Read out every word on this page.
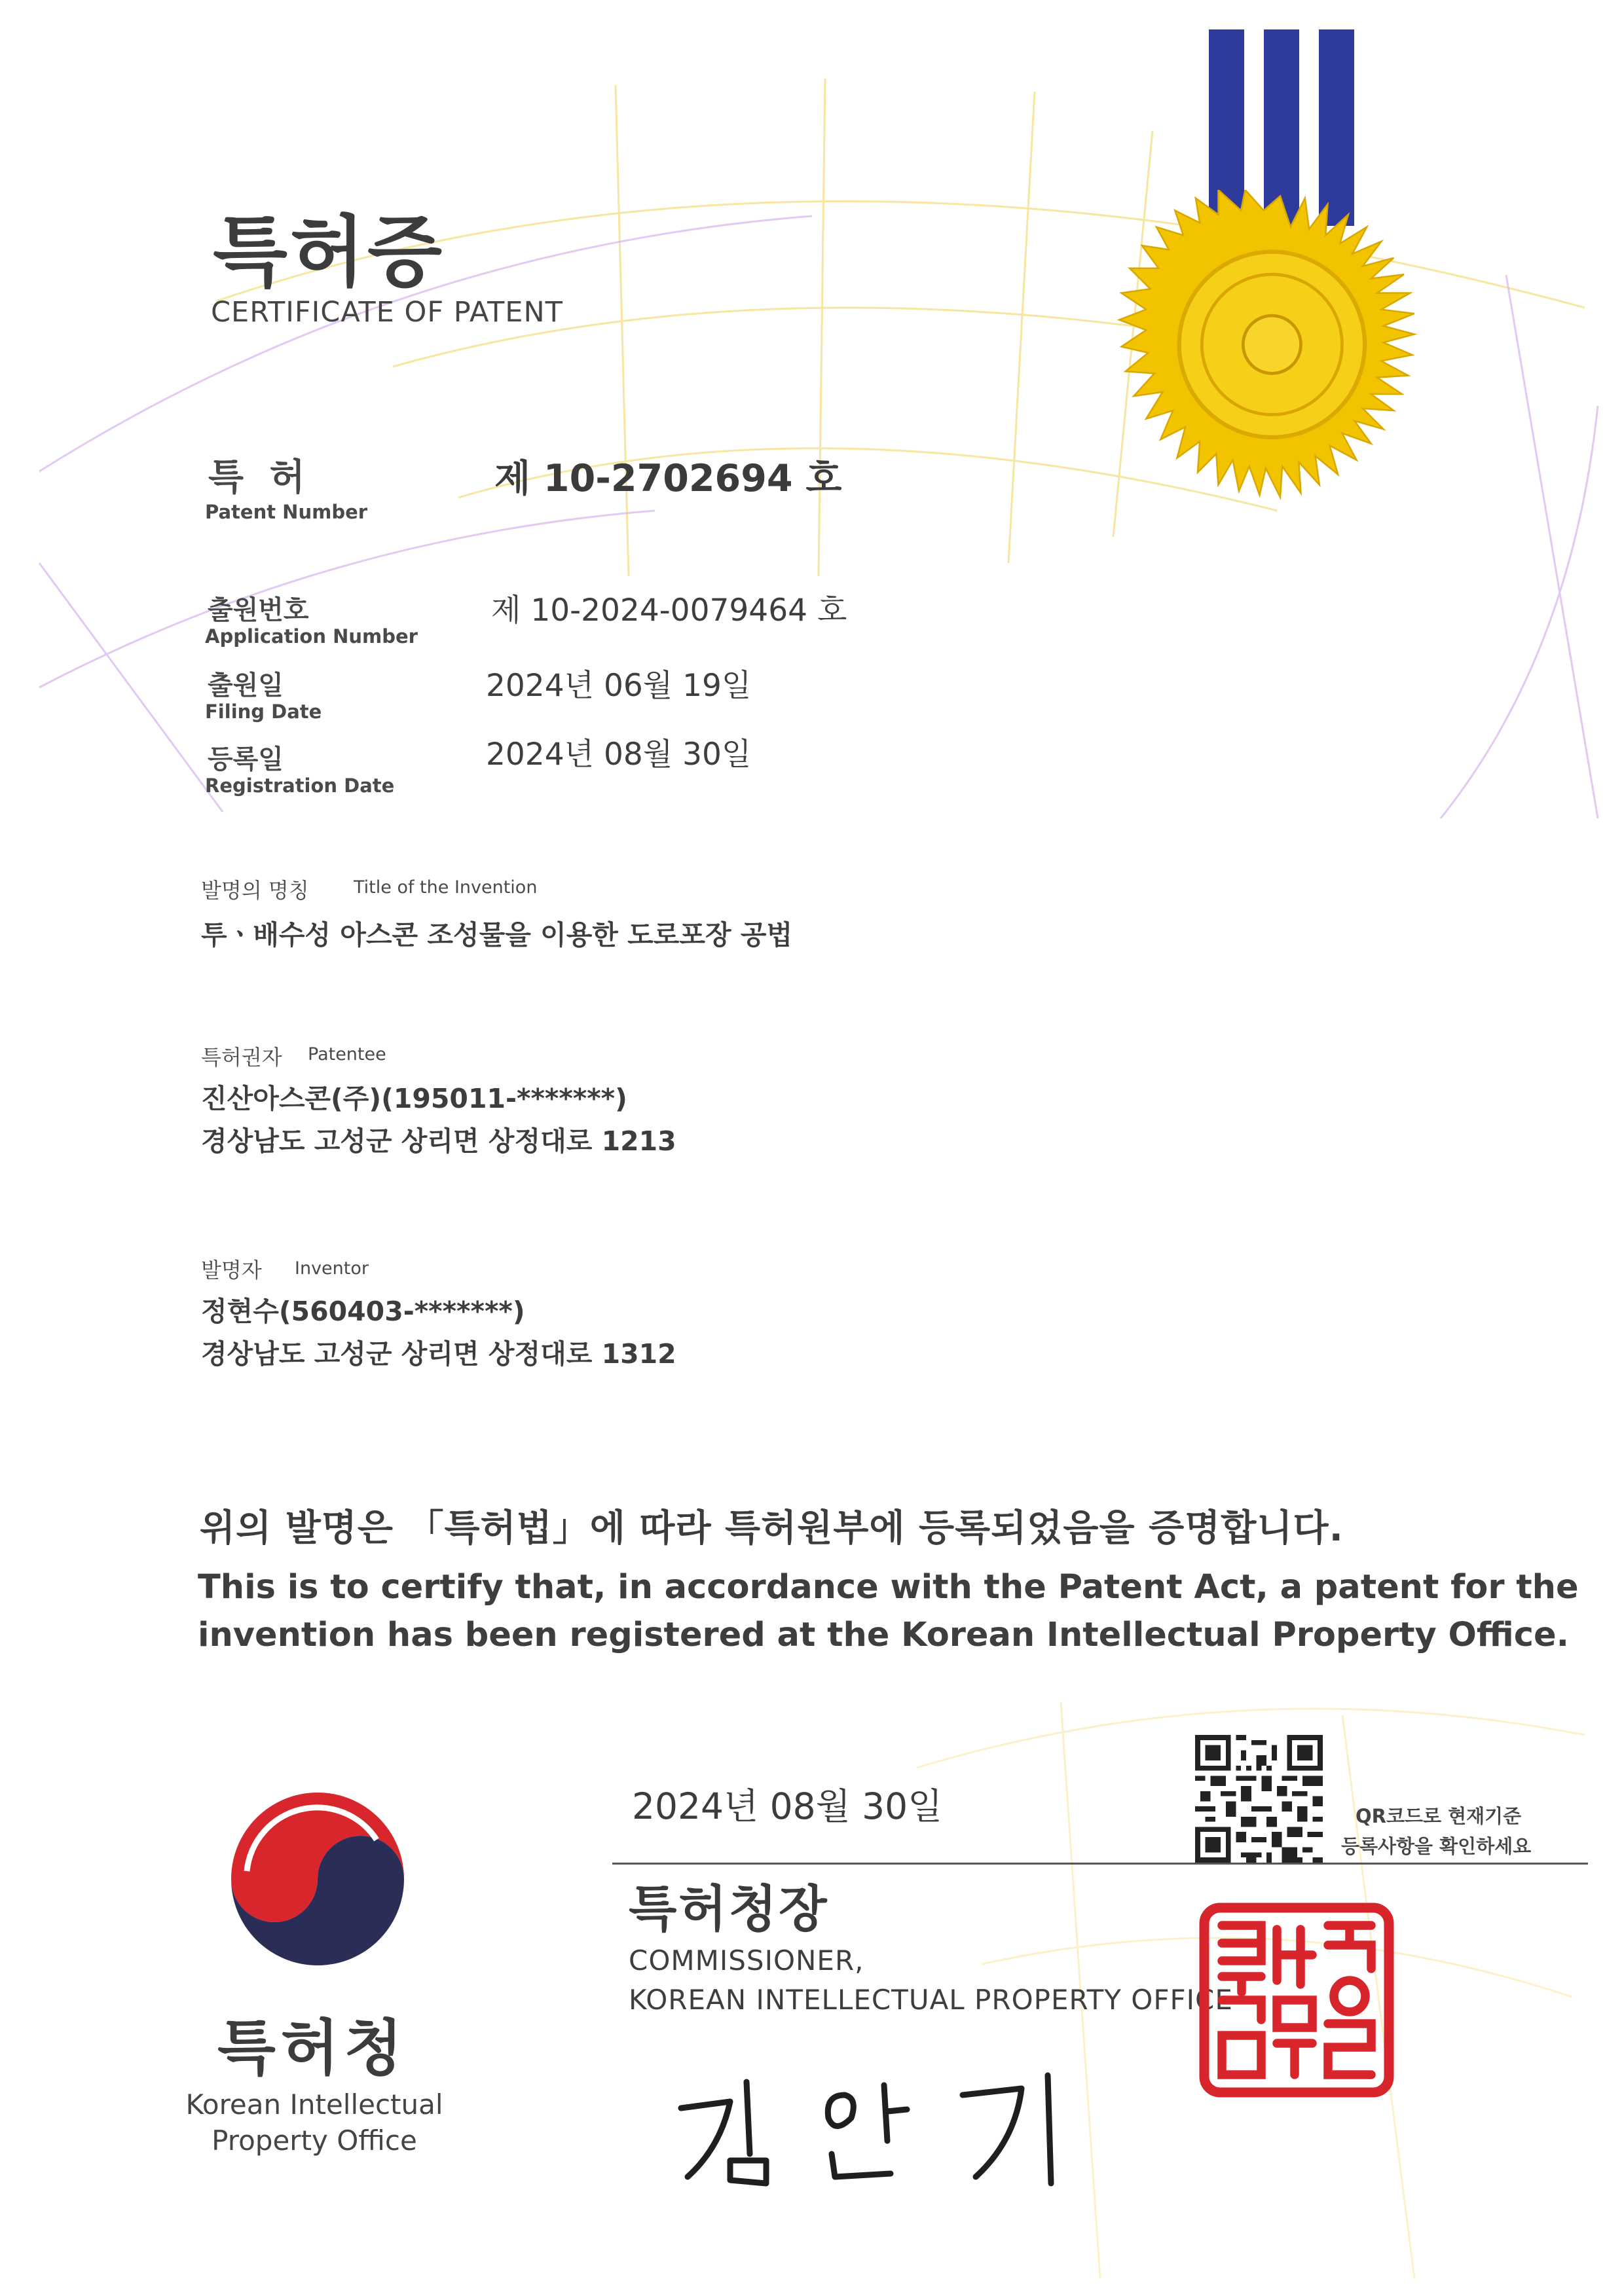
특허증
CERTIFICATE OF PATENT
특 허
Patent Number
제 10-2702694 호
출원번호
Application Number
제 10-2024-0079464 호
출원일
Filing Date
2024년 06월 19일
등록일
Registration Date
2024년 08월 30일
발명의 명칭	Title of the Invention
투ㆍ배수성 아스콘 조성물을 이용한 도로포장 공법
특허권자 Patentee
진산아스콘(주)(195011-*******)
경상남도 고성군 상리면 상정대로 1213
발명자 Inventor
정현수(560403-*******)
경상남도 고성군 상리면 상정대로 1312
위의 발명은 「특허법」에 따라 특허원부에 등록되었음을 증명합니다.
This is to certify that, in accordance with the Patent Act, a patent for the
invention has been registered at the Korean Intellectual Property Office.
특허청
Korean Intellectual
Property Office
2024년 08월 30일
특허청장
COMMISSIONER,
KOREAN INTELLECTUAL PROPERTY OFFICE
QR코드로 현재기준
등록사항을 확인하세요
